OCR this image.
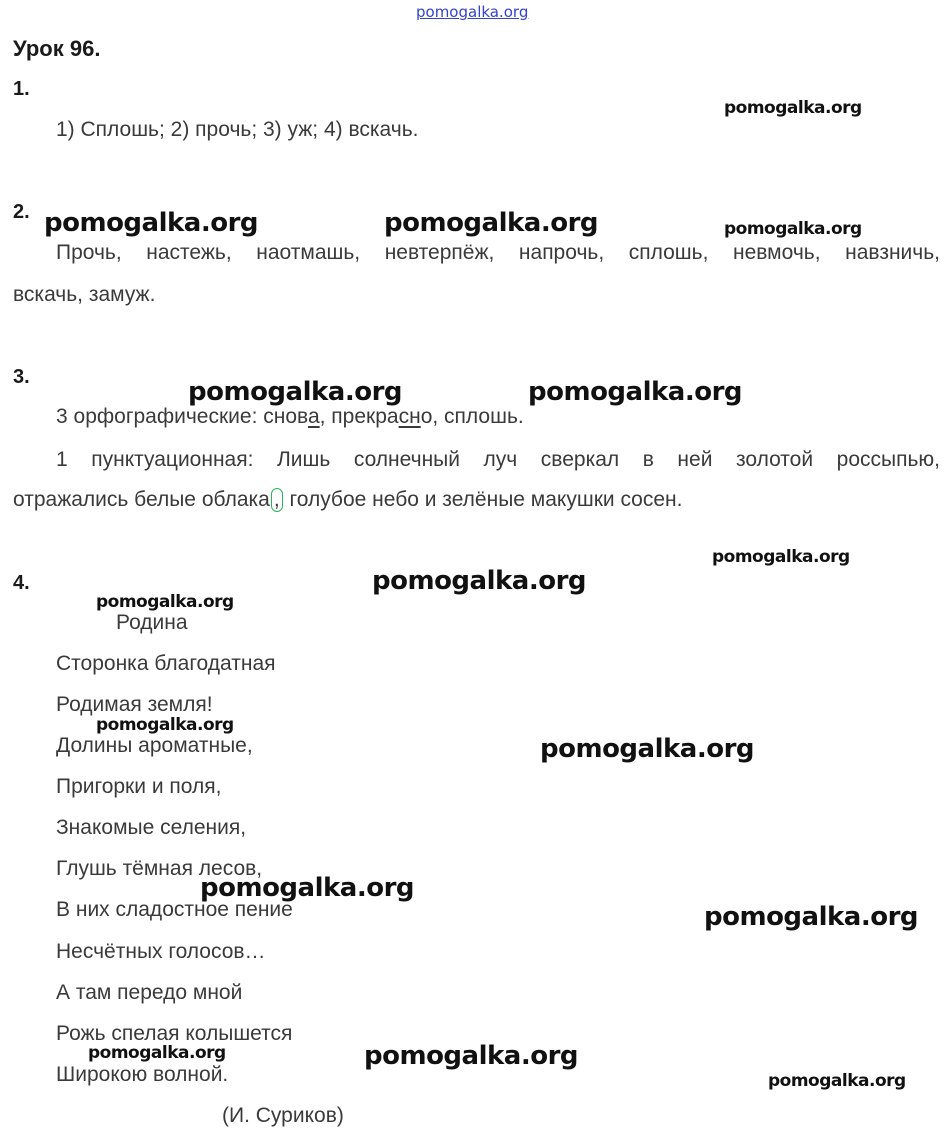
pomogalka.org
Урок 96.
1.
1) Сплошь; 2) прочь; 3) уж; 4) вскачь.
2.
Прочь, настежь, наотмашь, невтерпёж, напрочь, сплошь, невмочь, навзничь,
вскачь, замуж.
3.
3 орфографические: снова, прекрасно, сплошь.
1 пунктуационная: Лишь солнечный луч сверкал в ней золотой россыпью,
отражались белые облака , голубое небо и зелёные макушки сосен.
4.
Родина
Сторонка благодатная
Родимая земля!
Долины ароматные,
Пригорки и поля,
Знакомые селения,
Глушь тёмная лесов,
В них сладостное пение
Несчётных голосов…
А там передо мной
Рожь спелая колышется
Широкою волной.
(И. Суриков)
pomogalka.org
pomogalka.org	pomogalka.org	pomogalka.org
pomogalka.org	pomogalka.org
pomogalka.org
pomogalka.org
pomogalka.org
pomogalka.org
pomogalka.org
pomogalka.org
pomogalka.org
pomogalka.org	pomogalka.org
pomogalka.org
